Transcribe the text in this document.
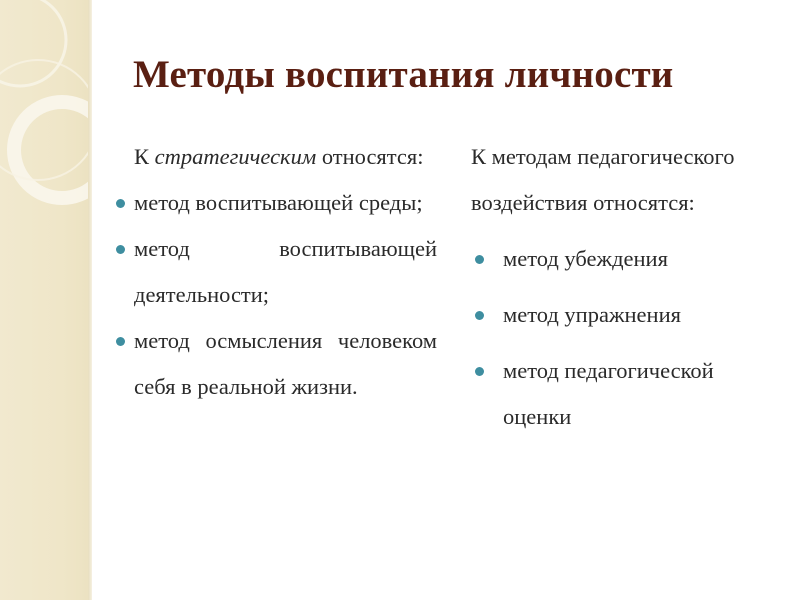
Методы воспитания личности

К стратегическим относятся:

метод воспитывающей среды;
метод воспитывающей деятельности;
метод осмысления человеком себя в реальной жизни.

К методам педагогического воздействия относятся:

метод убеждения
метод упражнения
метод педагогической оценки
